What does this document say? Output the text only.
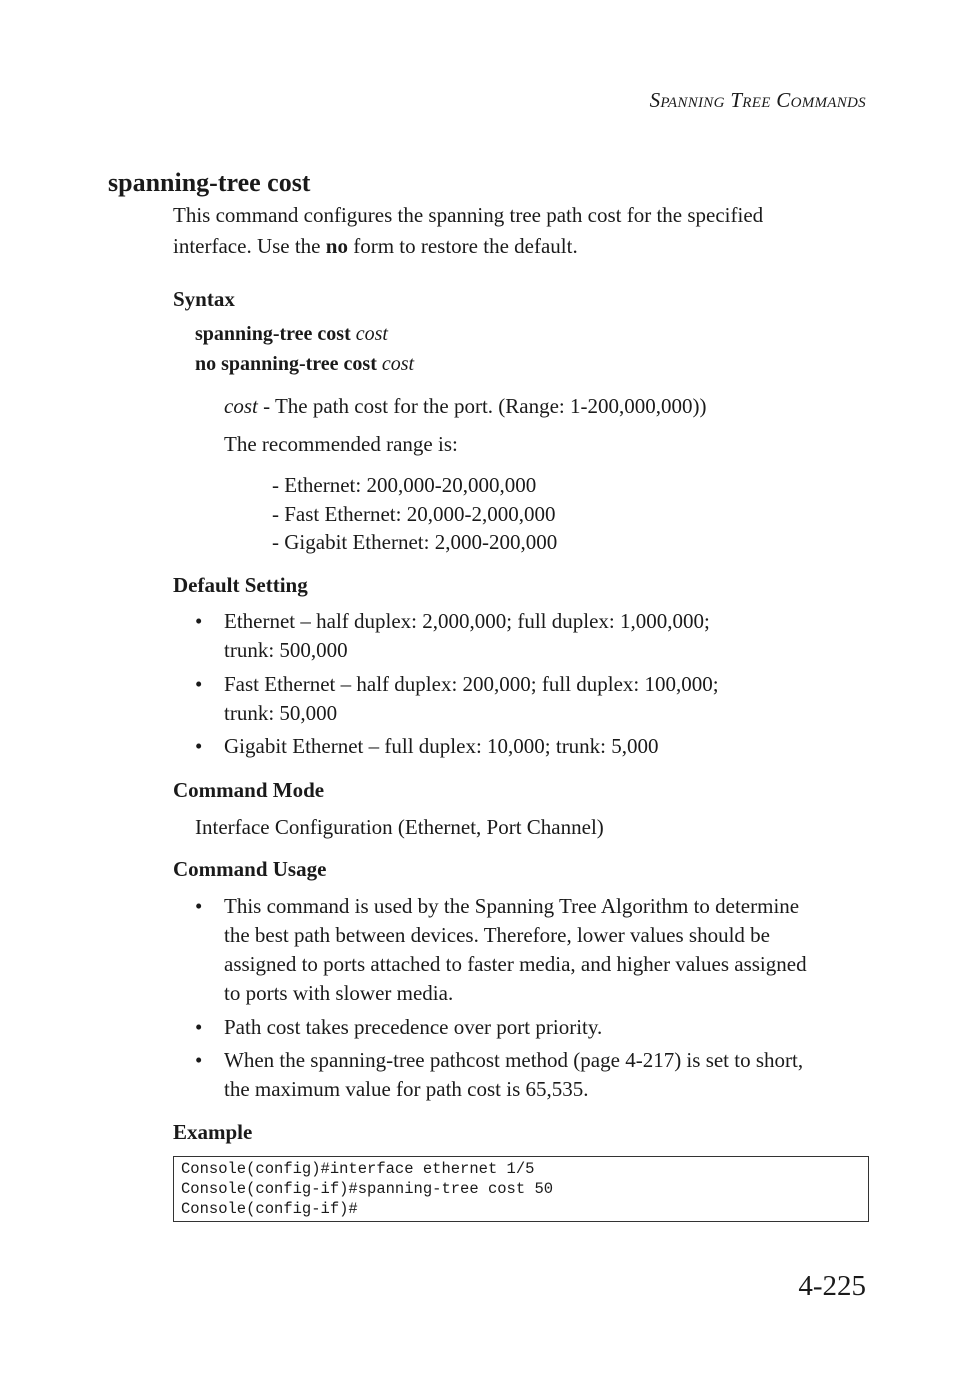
SPANNING TREE COMMANDS
spanning-tree cost
This command configures the spanning tree path cost for the specified
interface. Use the no form to restore the default.
Syntax
spanning-tree cost cost
no spanning-tree cost cost
cost - The path cost for the port. (Range: 1-200,000,000))
The recommended range is:
- Ethernet: 200,000-20,000,000
- Fast Ethernet: 20,000-2,000,000
- Gigabit Ethernet: 2,000-200,000
Default Setting
• Ethernet – half duplex: 2,000,000; full duplex: 1,000,000;
trunk: 500,000
• Fast Ethernet – half duplex: 200,000; full duplex: 100,000;
trunk: 50,000
• Gigabit Ethernet – full duplex: 10,000; trunk: 5,000
Command Mode
Interface Configuration (Ethernet, Port Channel)
Command Usage
• This command is used by the Spanning Tree Algorithm to determine
the best path between devices. Therefore, lower values should be
assigned to ports attached to faster media, and higher values assigned
to ports with slower media.
• Path cost takes precedence over port priority.
• When the spanning-tree pathcost method (page 4-217) is set to short,
the maximum value for path cost is 65,535.
Example
Console(config)#interface ethernet 1/5
Console(config-if)#spanning-tree cost 50
Console(config-if)#
4-225
